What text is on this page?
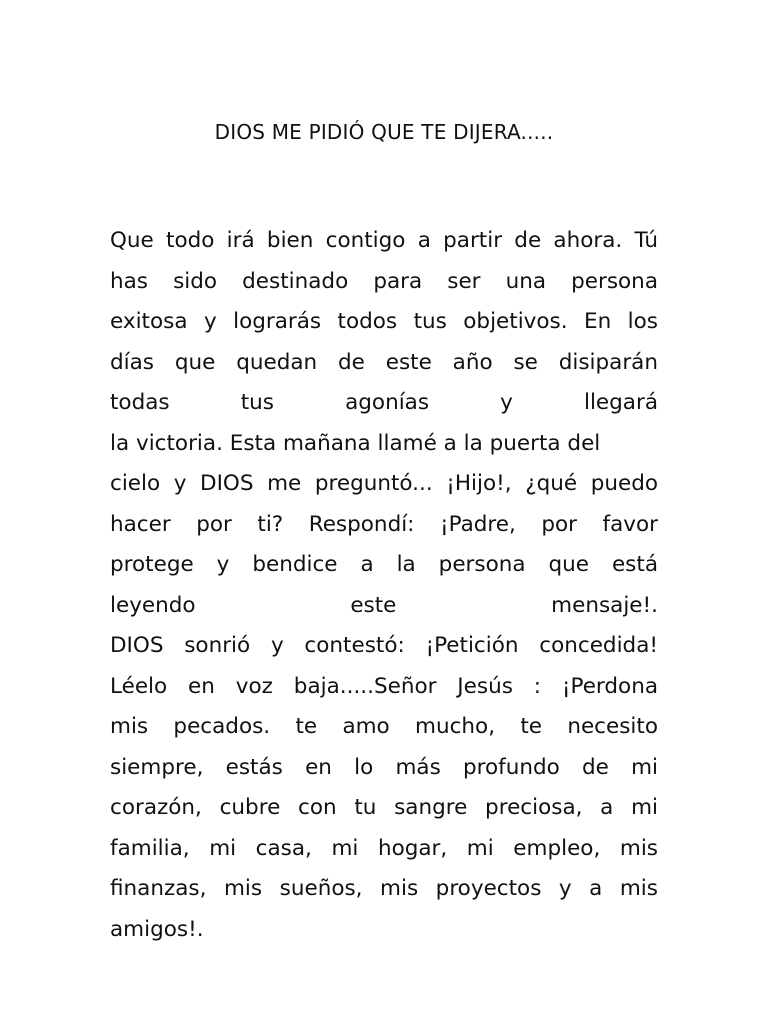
DIOS ME PIDIÓ QUE TE DIJERA.....
Que todo irá bien contigo a partir de ahora. Tú
has sido destinado para ser una persona
exitosa y lograrás todos tus objetivos. En los
días que quedan de este año se disiparán
todas tus agonías y llegará
la victoria. Esta mañana llamé a la puerta del
cielo y DIOS me preguntó... ¡Hijo!, ¿qué puedo
hacer por ti? Respondí: ¡Padre, por favor
protege y bendice a la persona que está
leyendo este mensaje!.
DIOS sonrió y contestó: ¡Petición concedida!
Léelo en voz baja.....Señor Jesús : ¡Perdona
mis pecados. te amo mucho, te necesito
siempre, estás en lo más profundo de mi
corazón, cubre con tu sangre preciosa, a mi
familia, mi casa, mi hogar, mi empleo, mis
finanzas, mis sueños, mis proyectos y a mis
amigos!.
